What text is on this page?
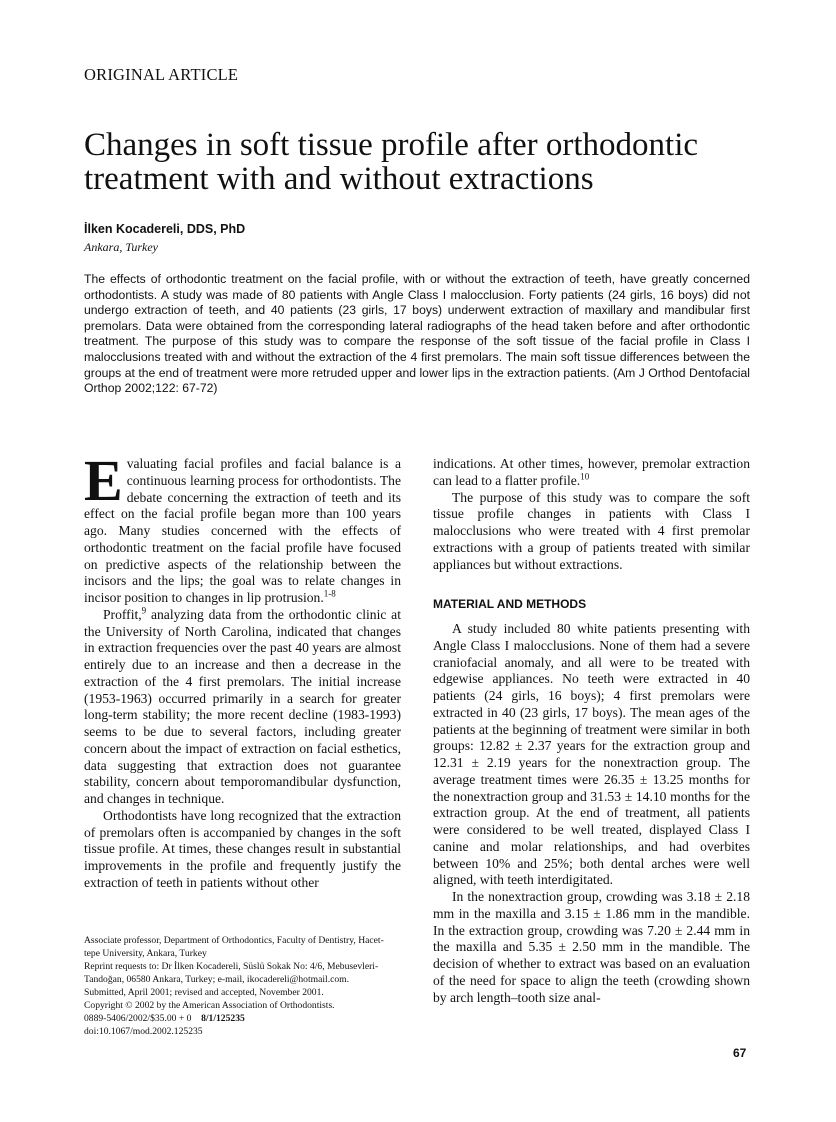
ORIGINAL ARTICLE
Changes in soft tissue profile after orthodontic treatment with and without extractions
İlken Kocadereli, DDS, PhD
Ankara, Turkey
The effects of orthodontic treatment on the facial profile, with or without the extraction of teeth, have greatly concerned orthodontists. A study was made of 80 patients with Angle Class I malocclusion. Forty patients (24 girls, 16 boys) did not undergo extraction of teeth, and 40 patients (23 girls, 17 boys) underwent extraction of maxillary and mandibular first premolars. Data were obtained from the corresponding lateral radiographs of the head taken before and after orthodontic treatment. The purpose of this study was to compare the response of the soft tissue of the facial profile in Class I malocclusions treated with and without the extraction of the 4 first premolars. The main soft tissue differences between the groups at the end of treatment were more retruded upper and lower lips in the extraction patients. (Am J Orthod Dentofacial Orthop 2002;122: 67-72)

Evaluating facial profiles and facial balance is a continuous learning process for orthodontists. The debate concerning the extraction of teeth and its effect on the facial profile began more than 100 years ago. Many studies concerned with the effects of orthodontic treatment on the facial profile have focused on predictive aspects of the relationship between the incisors and the lips; the goal was to relate changes in incisor position to changes in lip protrusion.$^{1-8}$

Proffit,$^9$ analyzing data from the orthodontic clinic at the University of North Carolina, indicated that changes in extraction frequencies over the past 40 years are almost entirely due to an increase and then a decrease in the extraction of the 4 first premolars. The initial increase (1953-1963) occurred primarily in a search for greater long-term stability; the more recent decline (1983-1993) seems to be due to several factors, including greater concern about the impact of extraction on facial esthetics, data suggesting that extraction does not guarantee stability, concern about temporomandibular dysfunction, and changes in technique.

Orthodontists have long recognized that the extraction of premolars often is accompanied by changes in the soft tissue profile. At times, these changes result in substantial improvements in the profile and frequently justify the extraction of teeth in patients without other

indications. At other times, however, premolar extraction can lead to a flatter profile.$^{10}$

The purpose of this study was to compare the soft tissue profile changes in patients with Class I malocclusions who were treated with 4 first premolar extractions with a group of patients treated with similar appliances but without extractions.

MATERIAL AND METHODS

A study included 80 white patients presenting with Angle Class I malocclusions. None of them had a severe craniofacial anomaly, and all were to be treated with edgewise appliances. No teeth were extracted in 40 patients (24 girls, 16 boys); 4 first premolars were extracted in 40 (23 girls, 17 boys). The mean ages of the patients at the beginning of treatment were similar in both groups: 12.82 ± 2.37 years for the extraction group and 12.31 ± 2.19 years for the nonextraction group. The average treatment times were 26.35 ± 13.25 months for the nonextraction group and 31.53 ± 14.10 months for the extraction group. At the end of treatment, all patients were considered to be well treated, displayed Class I canine and molar relationships, and had overbites between 10% and 25%; both dental arches were well aligned, with teeth interdigitated.

In the nonextraction group, crowding was 3.18 ± 2.18 mm in the maxilla and 3.15 ± 1.86 mm in the mandible. In the extraction group, crowding was 7.20 ± 2.44 mm in the maxilla and 5.35 ± 2.50 mm in the mandible. The decision of whether to extract was based on an evaluation of the need for space to align the teeth (crowding shown by arch length–tooth size anal-

Associate professor, Department of Orthodontics, Faculty of Dentistry, Hacet-
tepe University, Ankara, Turkey
Reprint requests to: Dr İlken Kocadereli, Süslü Sokak No: 4/6, Mebusevleri-
Tandoğan, 06580 Ankara, Turkey; e-mail, ikocadereli@hotmail.com.
Submitted, April 2001; revised and accepted, November 2001.
Copyright © 2002 by the American Association of Orthodontists.
0889-5406/2002/$35.00 + 0 8/1/125235
doi:10.1067/mod.2002.125235
67
